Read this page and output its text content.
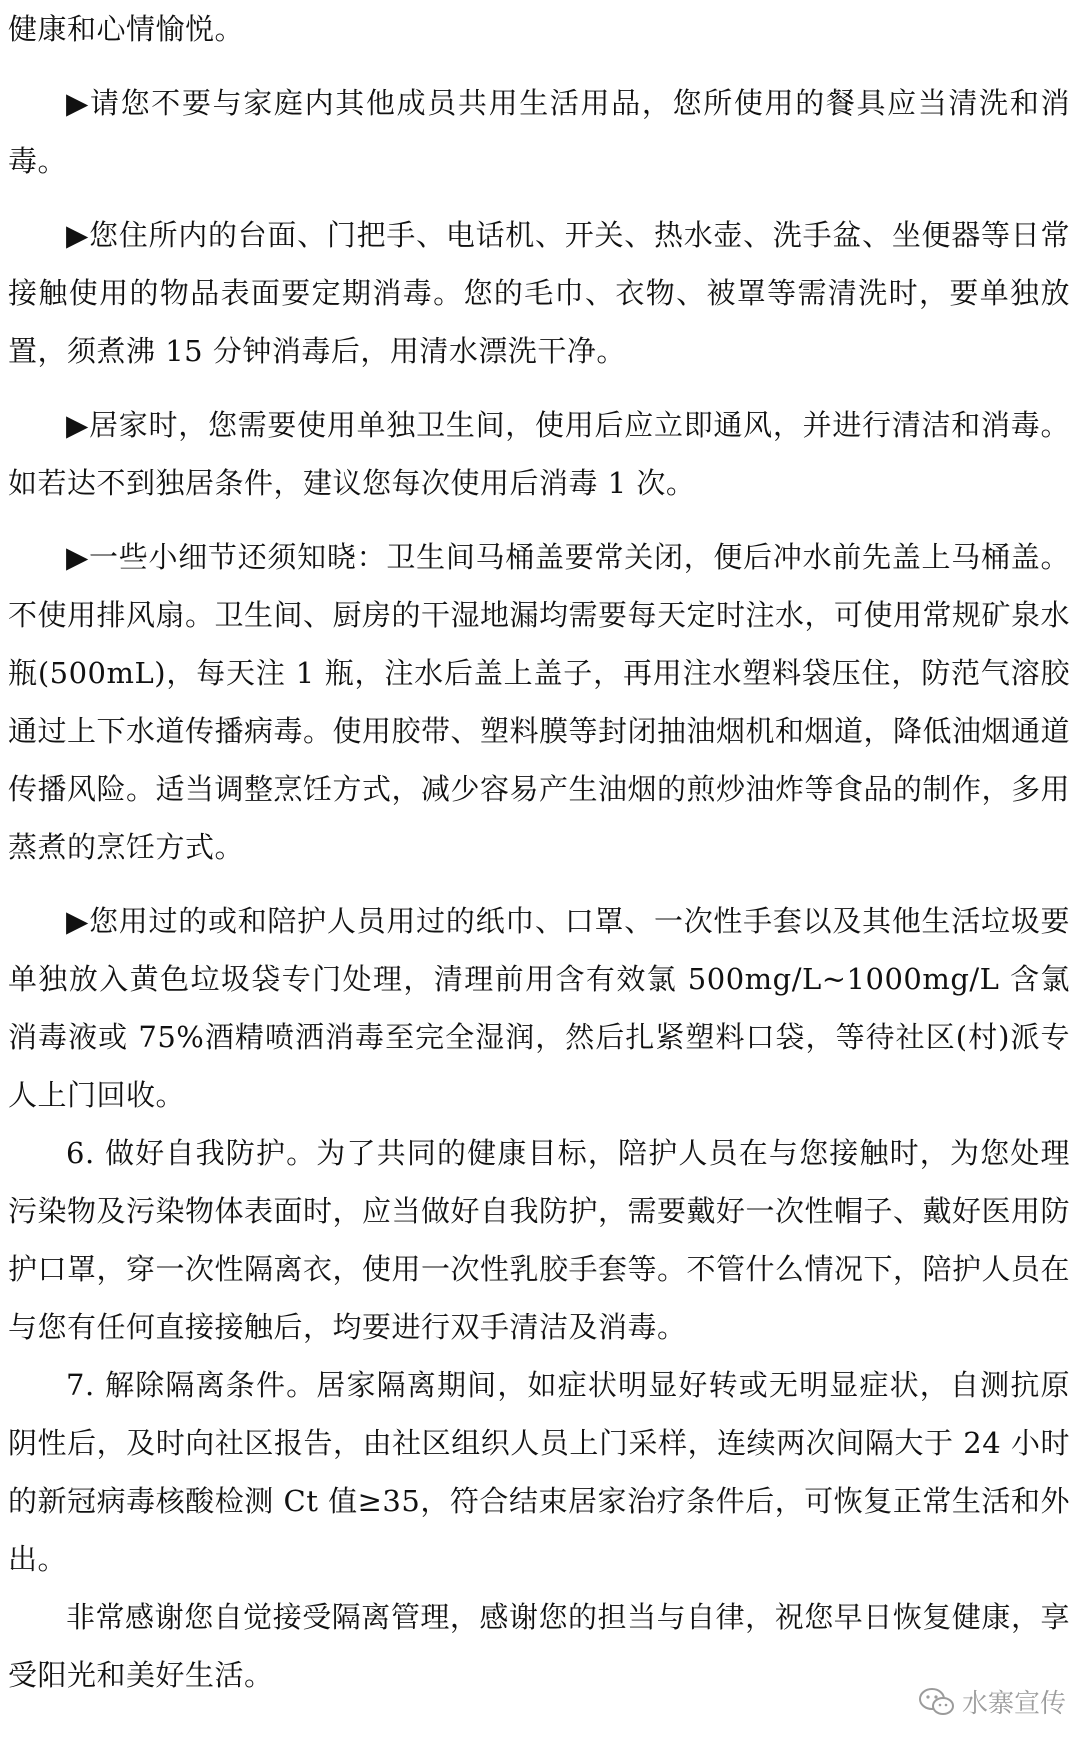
健康和心情愉悦。

▶请您不要与家庭内其他成员共用生活用品，您所使用的餐具应当清洗和消毒。

▶您住所内的台面、门把手、电话机、开关、热水壶、洗手盆、坐便器等日常接触使用的物品表面要定期消毒。您的毛巾、衣物、被罩等需清洗时，要单独放置，须煮沸 15 分钟消毒后，用清水漂洗干净。

▶居家时，您需要使用单独卫生间，使用后应立即通风，并进行清洁和消毒。如若达不到独居条件，建议您每次使用后消毒 1 次。

▶一些小细节还须知晓：卫生间马桶盖要常关闭，便后冲水前先盖上马桶盖。不使用排风扇。卫生间、厨房的干湿地漏均需要每天定时注水，可使用常规矿泉水瓶(500mL)，每天注 1 瓶，注水后盖上盖子，再用注水塑料袋压住，防范气溶胶通过上下水道传播病毒。使用胶带、塑料膜等封闭抽油烟机和烟道，降低油烟通道传播风险。适当调整烹饪方式，减少容易产生油烟的煎炒油炸等食品的制作，多用蒸煮的烹饪方式。

▶您用过的或和陪护人员用过的纸巾、口罩、一次性手套以及其他生活垃圾要单独放入黄色垃圾袋专门处理，清理前用含有效氯 500mg/L~1000mg/L 含氯消毒液或 75%酒精喷洒消毒至完全湿润，然后扎紧塑料口袋，等待社区(村)派专人上门回收。

6. 做好自我防护。为了共同的健康目标，陪护人员在与您接触时，为您处理污染物及污染物体表面时，应当做好自我防护，需要戴好一次性帽子、戴好医用防护口罩，穿一次性隔离衣，使用一次性乳胶手套等。不管什么情况下，陪护人员在与您有任何直接接触后，均要进行双手清洁及消毒。

7. 解除隔离条件。居家隔离期间，如症状明显好转或无明显症状，自测抗原阴性后，及时向社区报告，由社区组织人员上门采样，连续两次间隔大于 24 小时的新冠病毒核酸检测 Ct 值≥35，符合结束居家治疗条件后，可恢复正常生活和外出。

非常感谢您自觉接受隔离管理，感谢您的担当与自律，祝您早日恢复健康，享受阳光和美好生活。

水寨宣传
